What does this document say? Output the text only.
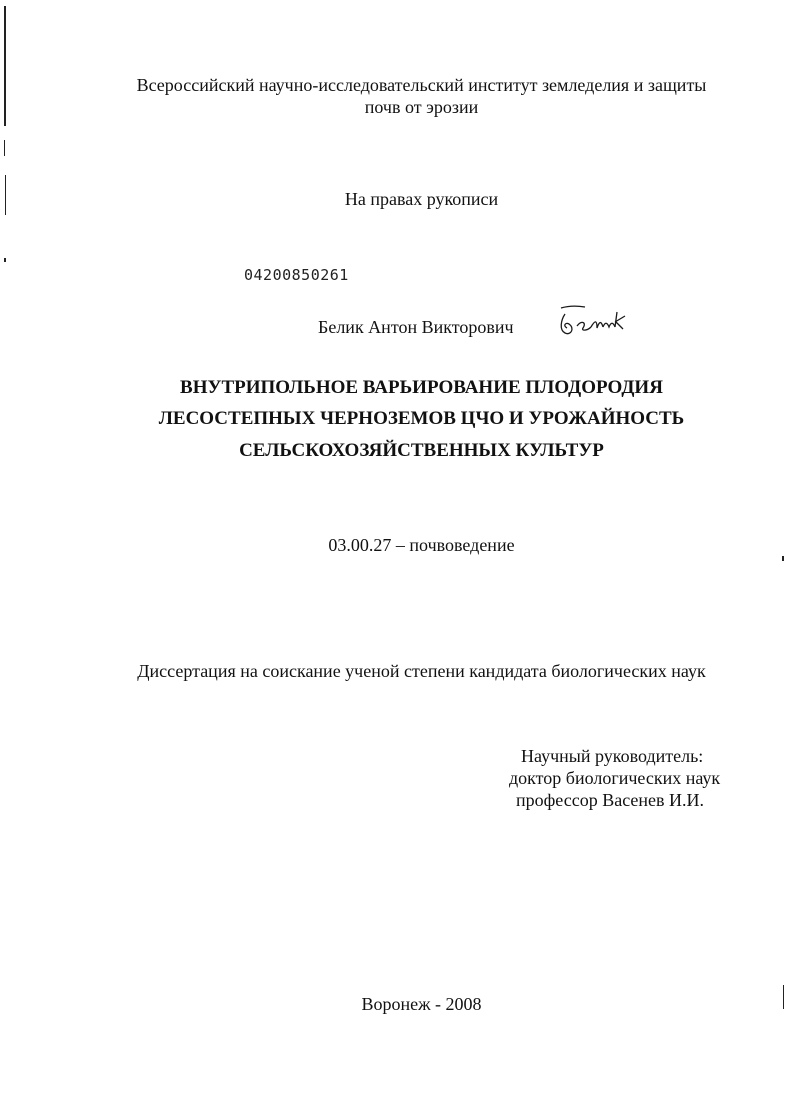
Всероссийский научно-исследовательский институт земледелия и защиты
почв от эрозии
На правах рукописи
04200850261
Белик Антон Викторович
ВНУТРИПОЛЬНОЕ ВАРЬИРОВАНИЕ ПЛОДОРОДИЯ
ЛЕСОСТЕПНЫХ ЧЕРНОЗЕМОВ ЦЧО И УРОЖАЙНОСТЬ
СЕЛЬСКОХОЗЯЙСТВЕННЫХ КУЛЬТУР
03.00.27 – почвоведение
Диссертация на соискание ученой степени кандидата биологических наук
Научный руководитель:
доктор биологических наук
профессор Васенев И.И.
Воронеж - 2008
